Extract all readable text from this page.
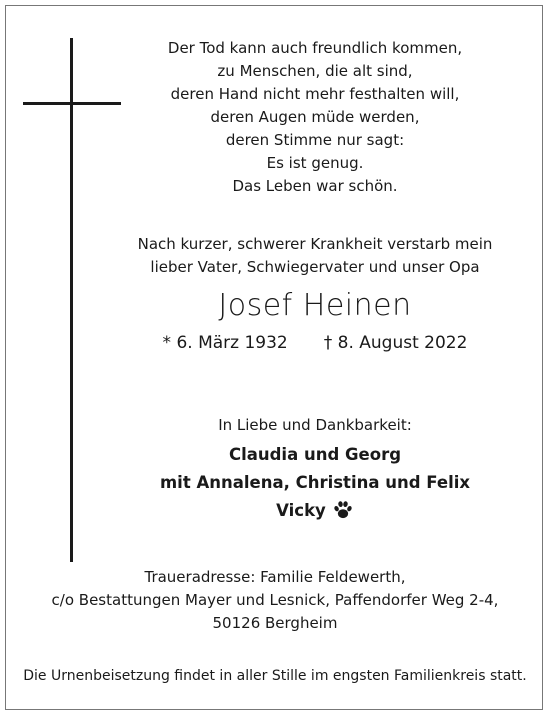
Der Tod kann auch freundlich kommen,
zu Menschen, die alt sind,
deren Hand nicht mehr festhalten will,
deren Augen müde werden,
deren Stimme nur sagt:
Es ist genug.
Das Leben war schön.
Nach kurzer, schwerer Krankheit verstarb mein
lieber Vater, Schwiegervater und unser Opa
Josef Heinen
* 6. März 1932 † 8. August 2022
In Liebe und Dankbarkeit:
Claudia und Georg
mit Annalena, Christina und Felix
Vicky
Traueradresse: Familie Feldewerth,
c/o Bestattungen Mayer und Lesnick, Paffendorfer Weg 2-4,
50126 Bergheim
Die Urnenbeisetzung findet in aller Stille im engsten Familienkreis statt.
